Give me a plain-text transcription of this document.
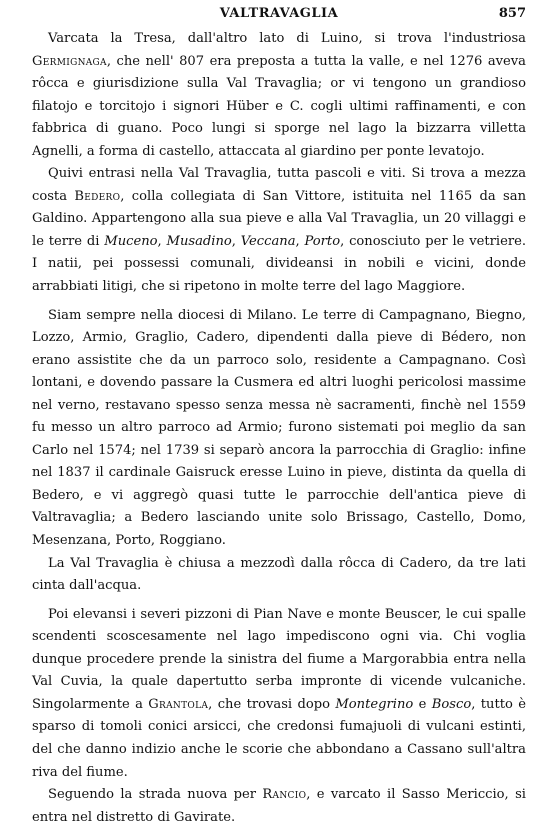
VALTRAVAGLIA	857

Varcata la Tresa, dall'altro lato di Luino, si trova l'industriosa Germignaga, che nell' 807 era preposta a tutta la valle, e nel 1276 aveva rôcca e giurisdizione sulla Val Travaglia; or vi tengono un grandioso filatojo e torcitojo i signori Hüber e C. cogli ultimi raffinamenti, e con fabbrica di guano. Poco lungi si sporge nel lago la bizzarra villetta Agnelli, a forma di castello, attaccata al giardino per ponte levatojo.

Quivi entrasi nella Val Travaglia, tutta pascoli e viti. Si trova a mezza costa Bedero, colla collegiata di San Vittore, istituita nel 1165 da san Galdino. Appartengono alla sua pieve e alla Val Travaglia, un 20 villaggi e le terre di Muceno, Musadino, Veccana, Porto, conosciuto per le vetriere. I natii, pei possessi comunali, divideansi in nobili e vicini, donde arrabbiati litigi, che si ripetono in molte terre del lago Maggiore.

Siam sempre nella diocesi di Milano. Le terre di Campagnano, Biegno, Lozzo, Armio, Graglio, Cadero, dipendenti dalla pieve di Bédero, non erano assistite che da un parroco solo, residente a Campagnano. Così lontani, e dovendo passare la Cusmera ed altri luoghi pericolosi massime nel verno, restavano spesso senza messa nè sacramenti, finchè nel 1559 fu messo un altro parroco ad Armio; furono sistemati poi meglio da san Carlo nel 1574; nel 1739 si separò ancora la parrocchia di Graglio: infine nel 1837 il cardinale Gaisruck eresse Luino in pieve, distinta da quella di Bedero, e vi aggregò quasi tutte le parrocchie dell'antica pieve di Valtravaglia; a Bedero lasciando unite solo Brissago, Castello, Domo, Mesenzana, Porto, Roggiano.

La Val Travaglia è chiusa a mezzodì dalla rôcca di Cadero, da tre lati cinta dall'acqua.

Poi elevansi i severi pizzoni di Pian Nave e monte Beuscer, le cui spalle scendenti scoscesamente nel lago impediscono ogni via. Chi voglia dunque procedere prende la sinistra del fiume a Margorabbia entra nella Val Cuvia, la quale dapertutto serba impronte di vicende vulcaniche. Singolarmente a Grantola, che trovasi dopo Montegrino e Bosco, tutto è sparso di tomoli conici arsicci, che credonsi fumajuoli di vulcani estinti, del che danno indizio anche le scorie che abbondano a Cassano sull'altra riva del fiume.

Seguendo la strada nuova per Rancio, e varcato il Sasso Mericcio, si entra nel distretto di Gavirate.
